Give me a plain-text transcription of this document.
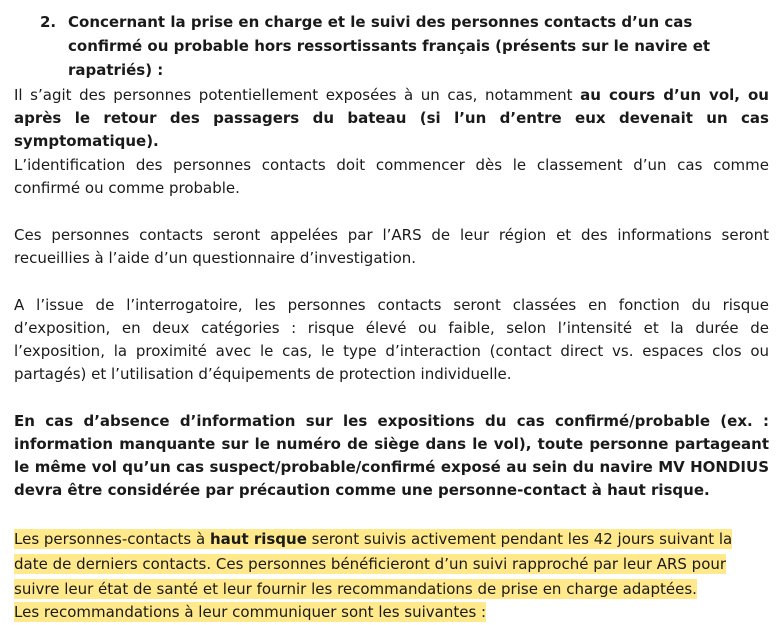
2. Concernant la prise en charge et le suivi des personnes contacts d’un cas confirmé ou probable hors ressortissants français (présents sur le navire et rapatriés) :
Il s’agit des personnes potentiellement exposées à un cas, notamment au cours d’un vol, ou après le retour des passagers du bateau (si l’un d’entre eux devenait un cas symptomatique).
L’identification des personnes contacts doit commencer dès le classement d’un cas comme confirmé ou comme probable.
Ces personnes contacts seront appelées par l’ARS de leur région et des informations seront recueillies à l’aide d’un questionnaire d’investigation.
A l’issue de l’interrogatoire, les personnes contacts seront classées en fonction du risque d’exposition, en deux catégories : risque élevé ou faible, selon l’intensité et la durée de l’exposition, la proximité avec le cas, le type d’interaction (contact direct vs. espaces clos ou partagés) et l’utilisation d’équipements de protection individuelle.
En cas d’absence d’information sur les expositions du cas confirmé/probable (ex. : information manquante sur le numéro de siège dans le vol), toute personne partageant le même vol qu’un cas suspect/probable/confirmé exposé au sein du navire MV HONDIUS devra être considérée par précaution comme une personne-contact à haut risque.
Les personnes-contacts à haut risque seront suivis activement pendant les 42 jours suivant la date de derniers contacts. Ces personnes bénéficieront d’un suivi rapproché par leur ARS pour suivre leur état de santé et leur fournir les recommandations de prise en charge adaptées.
Les recommandations à leur communiquer sont les suivantes :
